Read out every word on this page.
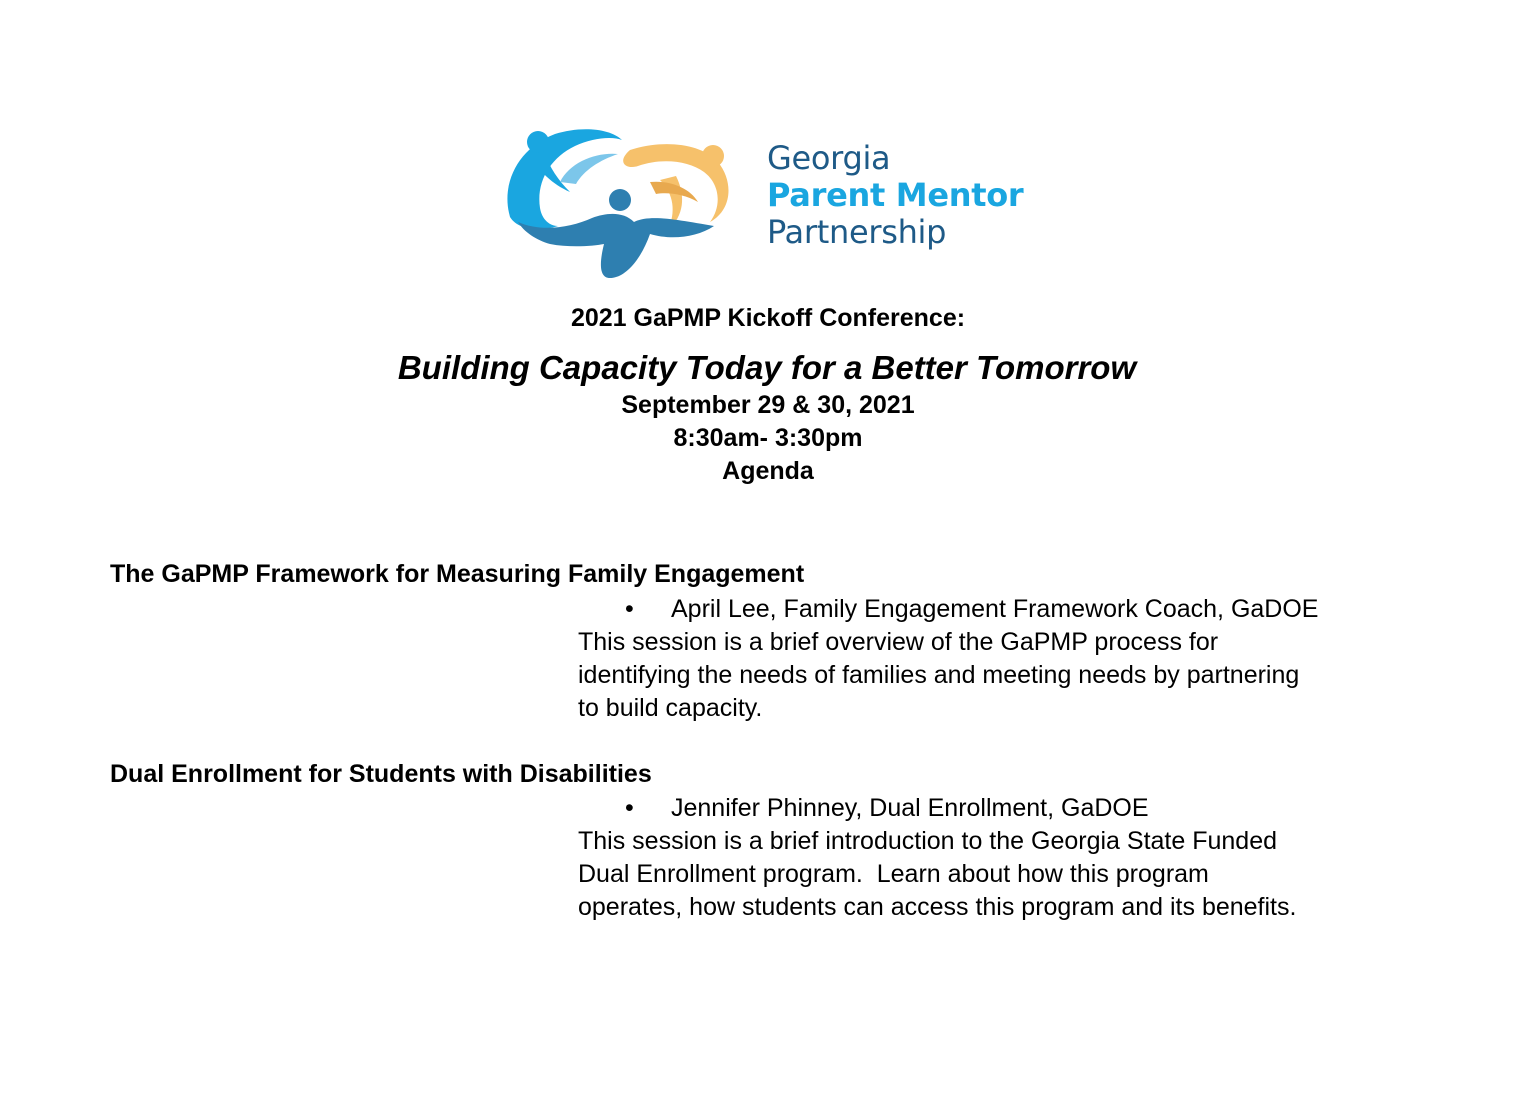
Georgia
Parent Mentor
Partnership
2021 GaPMP Kickoff Conference:
Building Capacity Today for a Better Tomorrow
September 29 & 30, 2021
8:30am- 3:30pm
Agenda
The GaPMP Framework for Measuring Family Engagement
• April Lee, Family Engagement Framework Coach, GaDOE
This session is a brief overview of the GaPMP process for
identifying the needs of families and meeting needs by partnering
to build capacity.
Dual Enrollment for Students with Disabilities
• Jennifer Phinney, Dual Enrollment, GaDOE
This session is a brief introduction to the Georgia State Funded
Dual Enrollment program.  Learn about how this program
operates, how students can access this program and its benefits.
